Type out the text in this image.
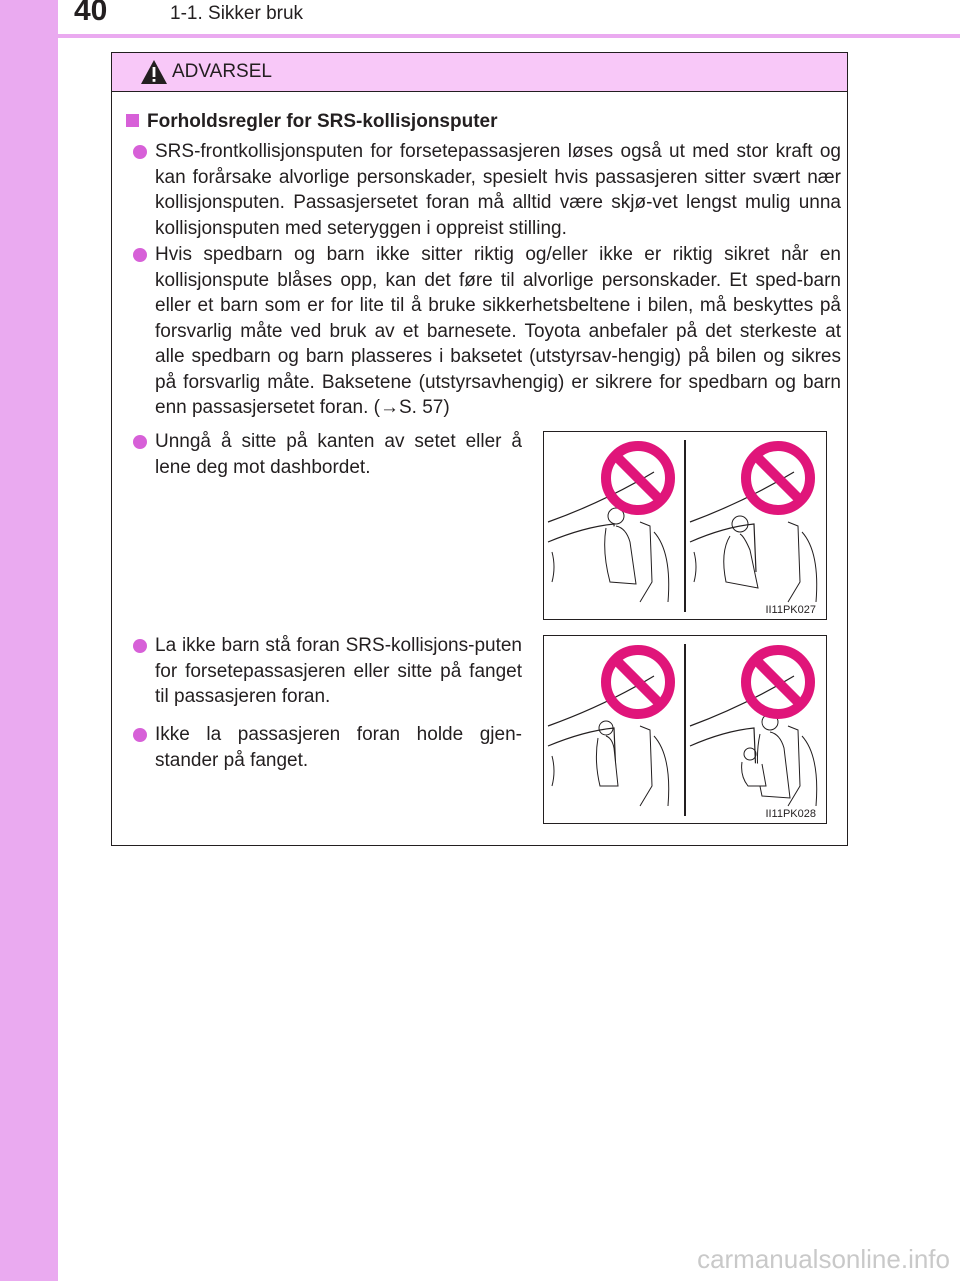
40	1-1. Sikker bruk
ADVARSEL
Forholdsregler for SRS-kollisjonsputer
SRS-frontkollisjonsputen for forsetepassasjeren løses også ut med stor kraft og kan forårsake alvorlige personskader, spesielt hvis passasjeren sitter svært nær kollisjonsputen. Passasjersetet foran må alltid være skjø-vet lengst mulig unna kollisjonsputen med seteryggen i oppreist stilling.
Hvis spedbarn og barn ikke sitter riktig og/eller ikke er riktig sikret når en kollisjonspute blåses opp, kan det føre til alvorlige personskader. Et sped-barn eller et barn som er for lite til å bruke sikkerhetsbeltene i bilen, må beskyttes på forsvarlig måte ved bruk av et barnesete. Toyota anbefaler på det sterkeste at alle spedbarn og barn plasseres i baksetet (utstyrsav-hengig) på bilen og sikres på forsvarlig måte. Baksetene (utstyrsavhengig) er sikrere for spedbarn og barn enn passasjersetet foran. (→S. 57)
Unngå å sitte på kanten av setet eller å lene deg mot dashbordet.
La ikke barn stå foran SRS-kollisjons-puten for forsetepassasjeren eller sitte på fanget til passasjeren foran.
Ikke la passasjeren foran holde gjen-stander på fanget.
II11PK027
II11PK028
carmanualsonline.info
